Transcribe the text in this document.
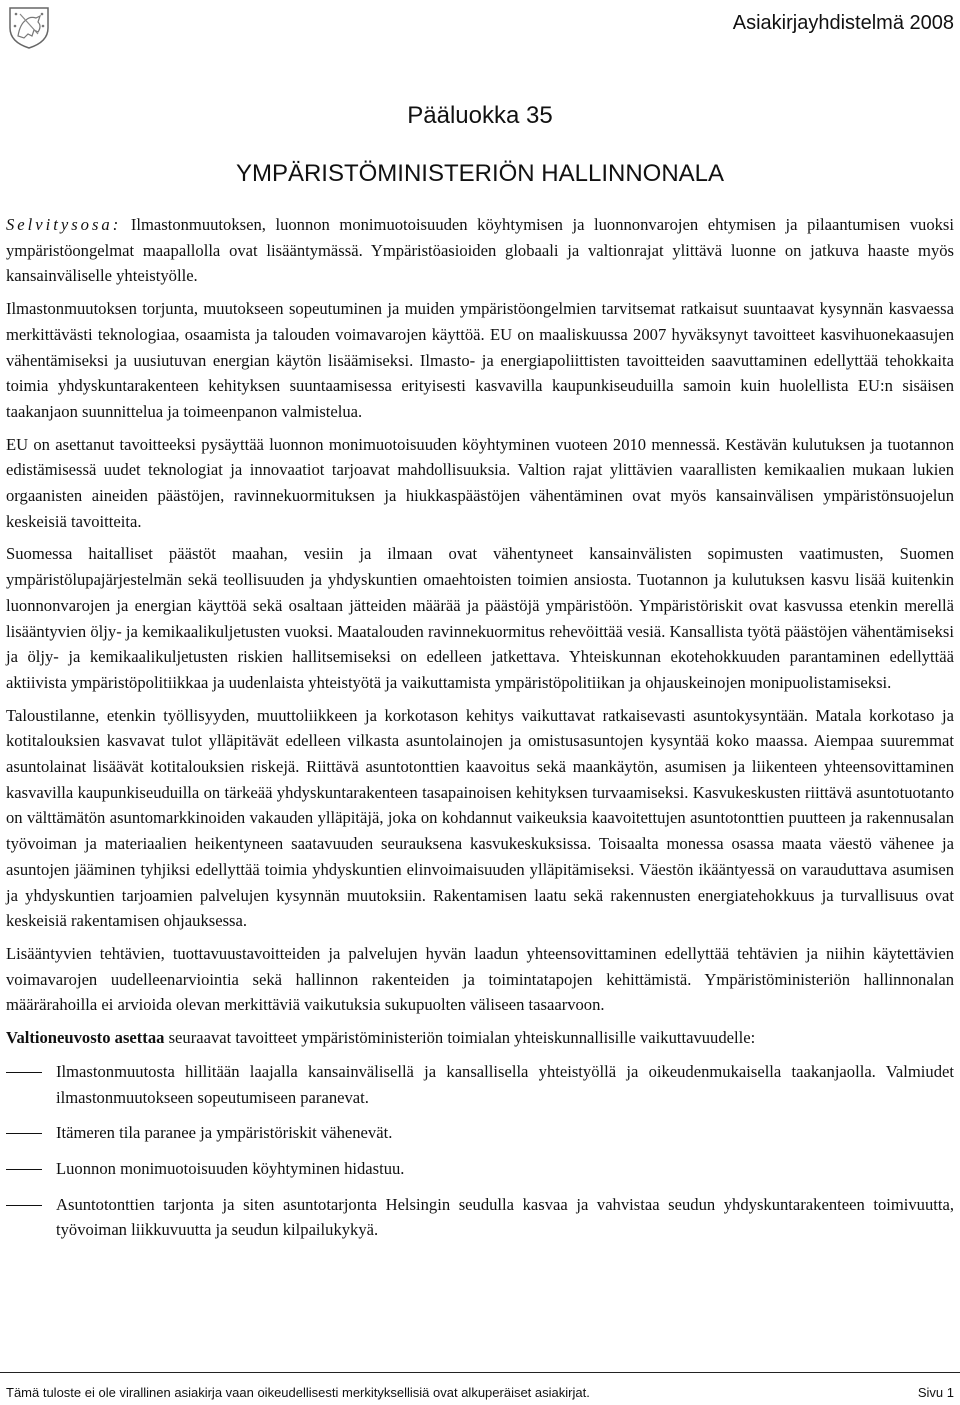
Asiakirjayhdistelmä 2008
Pääluokka 35
YMPÄRISTÖMINISTERIÖN HALLINNONALA

Selvitysosa: Ilmastonmuutoksen, luonnon monimuotoisuuden köyhtymisen ja luonnonvarojen ehtymisen ja pilaantumisen vuoksi ympäristöongelmat maapallolla ovat lisääntymässä. Ympäristöasioiden globaali ja valtionrajat ylittävä luonne on jatkuva haaste myös kansainväliselle yhteistyölle.

Ilmastonmuutoksen torjunta, muutokseen sopeutuminen ja muiden ympäristöongelmien tarvitsemat ratkaisut suuntaavat kysynnän kasvaessa merkittävästi teknologiaa, osaamista ja talouden voimavarojen käyttöä. EU on maaliskuussa 2007 hyväksynyt tavoitteet kasvihuonekaasujen vähentämiseksi ja uusiutuvan energian käytön lisäämiseksi. Ilmasto- ja energiapoliittisten tavoitteiden saavuttaminen edellyttää tehokkaita toimia yhdyskuntarakenteen kehityksen suuntaamisessa erityisesti kasvavilla kaupunkiseuduilla samoin kuin huolellista EU:n sisäisen taakanjaon suunnittelua ja toimeenpanon valmistelua.

EU on asettanut tavoitteeksi pysäyttää luonnon monimuotoisuuden köyhtyminen vuoteen 2010 mennessä. Kestävän kulutuksen ja tuotannon edistämisessä uudet teknologiat ja innovaatiot tarjoavat mahdollisuuksia. Valtion rajat ylittävien vaarallisten kemikaalien mukaan lukien orgaanisten aineiden päästöjen, ravinnekuormituksen ja hiukkaspäästöjen vähentäminen ovat myös kansainvälisen ympäristönsuojelun keskeisiä tavoitteita.

Suomessa haitalliset päästöt maahan, vesiin ja ilmaan ovat vähentyneet kansainvälisten sopimusten vaatimusten, Suomen ympäristölupajärjestelmän sekä teollisuuden ja yhdyskuntien omaehtoisten toimien ansiosta. Tuotannon ja kulutuksen kasvu lisää kuitenkin luonnonvarojen ja energian käyttöä sekä osaltaan jätteiden määrää ja päästöjä ympäristöön. Ympäristöriskit ovat kasvussa etenkin merellä lisääntyvien öljy- ja kemikaalikuljetusten vuoksi. Maatalouden ravinnekuormitus rehevöittää vesiä. Kansallista työtä päästöjen vähentämiseksi ja öljy- ja kemikaalikuljetusten riskien hallitsemiseksi on edelleen jatkettava. Yhteiskunnan ekotehokkuuden parantaminen edellyttää aktiivista ympäristöpolitiikkaa ja uudenlaista yhteistyötä ja vaikuttamista ympäristöpolitiikan ja ohjauskeinojen monipuolistamiseksi.

Taloustilanne, etenkin työllisyyden, muuttoliikkeen ja korkotason kehitys vaikuttavat ratkaisevasti asuntokysyntään. Matala korkotaso ja kotitalouksien kasvavat tulot ylläpitävät edelleen vilkasta asuntolainojen ja omistusasuntojen kysyntää koko maassa. Aiempaa suuremmat asuntolainat lisäävät kotitalouksien riskejä. Riittävä asuntotonttien kaavoitus sekä maankäytön, asumisen ja liikenteen yhteensovittaminen kasvavilla kaupunkiseuduilla on tärkeää yhdyskuntarakenteen tasapainoisen kehityksen turvaamiseksi. Kasvukeskusten riittävä asuntotuotanto on välttämätön asuntomarkkinoiden vakauden ylläpitäjä, joka on kohdannut vaikeuksia kaavoitettujen asuntotonttien puutteen ja rakennusalan työvoiman ja materiaalien heikentyneen saatavuuden seurauksena kasvukeskuksissa. Toisaalta monessa osassa maata väestö vähenee ja asuntojen jääminen tyhjiksi edellyttää toimia yhdyskuntien elinvoimaisuuden ylläpitämiseksi. Väestön ikääntyessä on varauduttava asumisen ja yhdyskuntien tarjoamien palvelujen kysynnän muutoksiin. Rakentamisen laatu sekä rakennusten energiatehokkuus ja turvallisuus ovat keskeisiä rakentamisen ohjauksessa.

Lisääntyvien tehtävien, tuottavuustavoitteiden ja palvelujen hyvän laadun yhteensovittaminen edellyttää tehtävien ja niihin käytettävien voimavarojen uudelleenarviointia sekä hallinnon rakenteiden ja toimintatapojen kehittämistä. Ympäristöministeriön hallinnonalan määrärahoilla ei arvioida olevan merkittäviä vaikutuksia sukupuolten väliseen tasaarvoon.

Valtioneuvosto asettaa seuraavat tavoitteet ympäristöministeriön toimialan yhteiskunnallisille vaikuttavuudelle:

Ilmastonmuutosta hillitään laajalla kansainvälisellä ja kansallisella yhteistyöllä ja oikeudenmukaisella taakanjaolla. Valmiudet ilmastonmuutokseen sopeutumiseen paranevat.
Itämeren tila paranee ja ympäristöriskit vähenevät.
Luonnon monimuotoisuuden köyhtyminen hidastuu.
Asuntotonttien tarjonta ja siten asuntotarjonta Helsingin seudulla kasvaa ja vahvistaa seudun yhdyskuntarakenteen toimivuutta, työvoiman liikkuvuutta ja seudun kilpailukykyä.
Tämä tuloste ei ole virallinen asiakirja vaan oikeudellisesti merkityksellisiä ovat alkuperäiset asiakirjat.	Sivu 1
